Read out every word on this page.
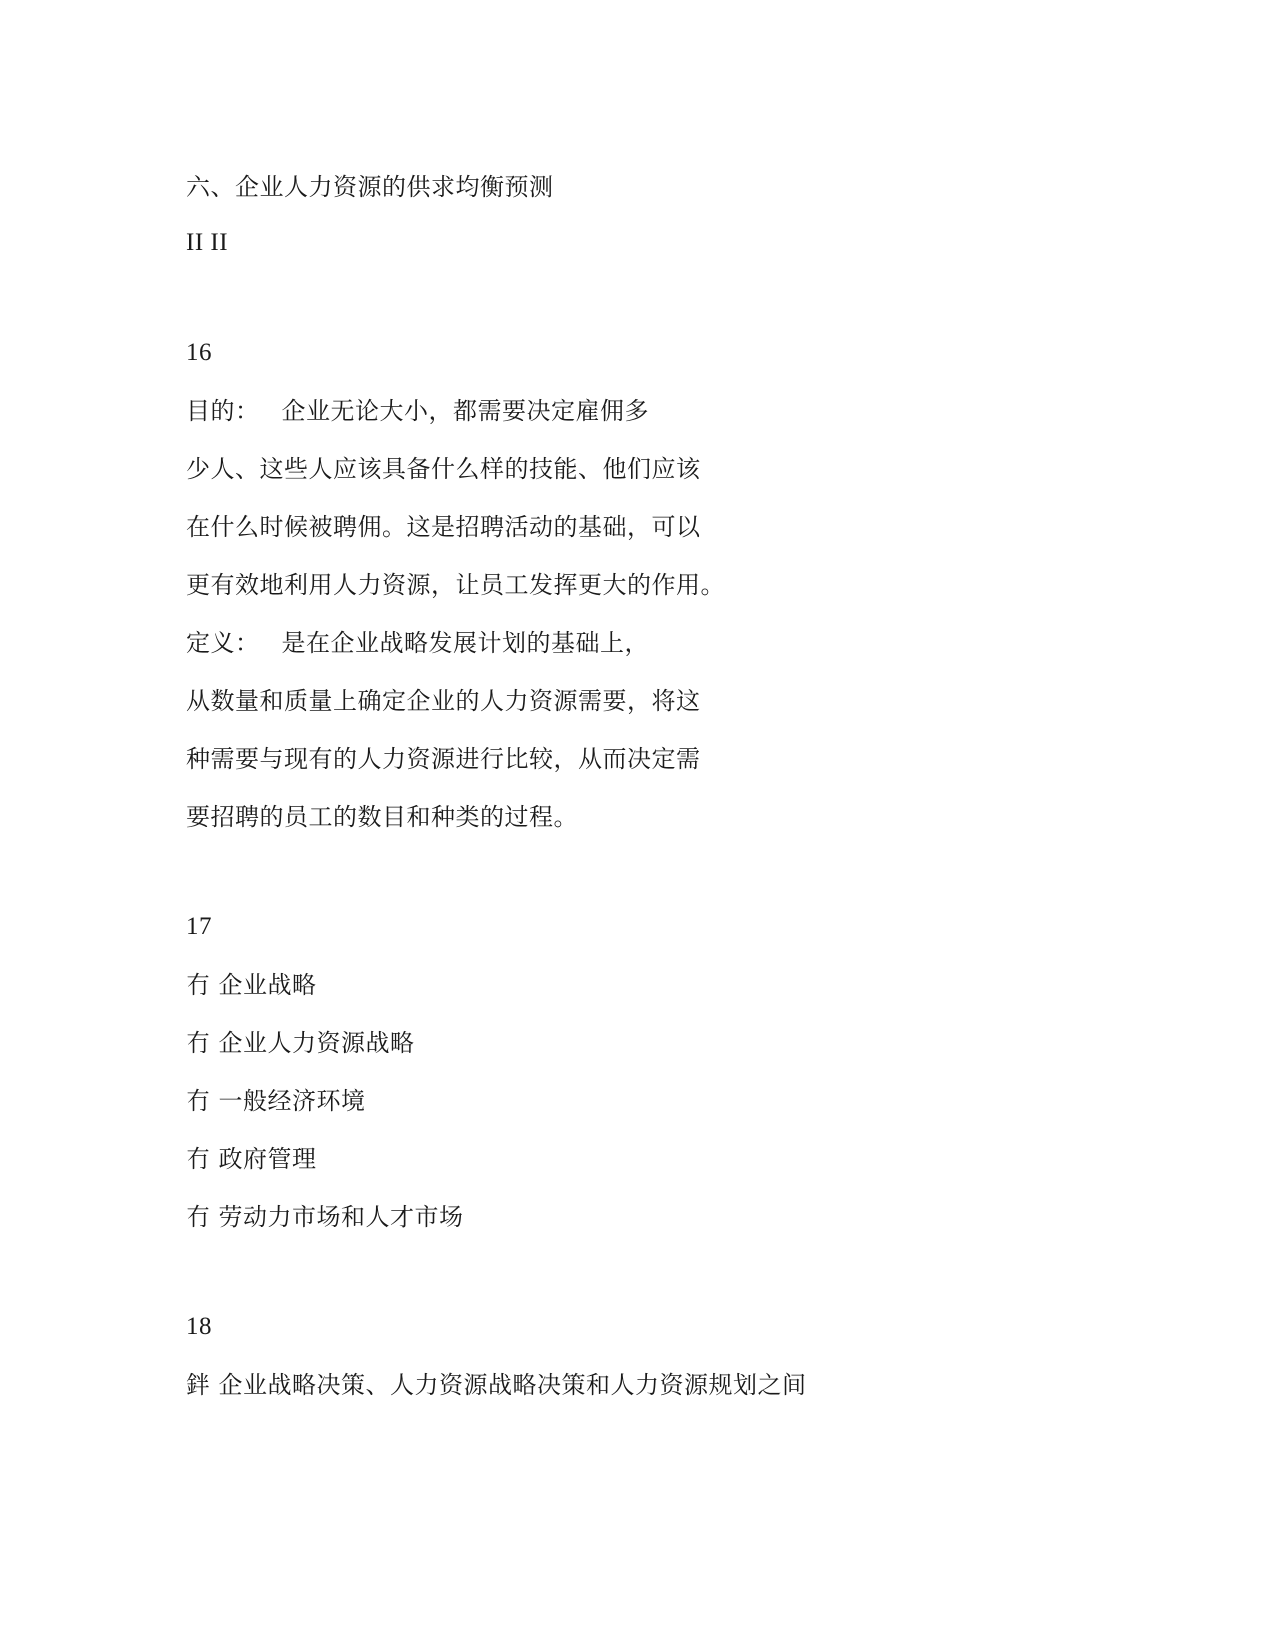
六、企业人力资源的供求均衡预测
II II
16
目的： 企业无论大小，都需要决定雇佣多
少人、这些人应该具备什么样的技能、他们应该
在什么时候被聘佣。这是招聘活动的基础，可以
更有效地利用人力资源，让员工发挥更大的作用。
定义： 是在企业战略发展计划的基础上，
从数量和质量上确定企业的人力资源需要，将这
种需要与现有的人力资源进行比较，从而决定需
要招聘的员工的数目和种类的过程。
17
冇 企业战略
冇 企业人力资源战略
冇 一般经济环境
冇 政府管理
冇 劳动力市场和人才市场
18
鉡 企业战略决策、人力资源战略决策和人力资源规划之间
